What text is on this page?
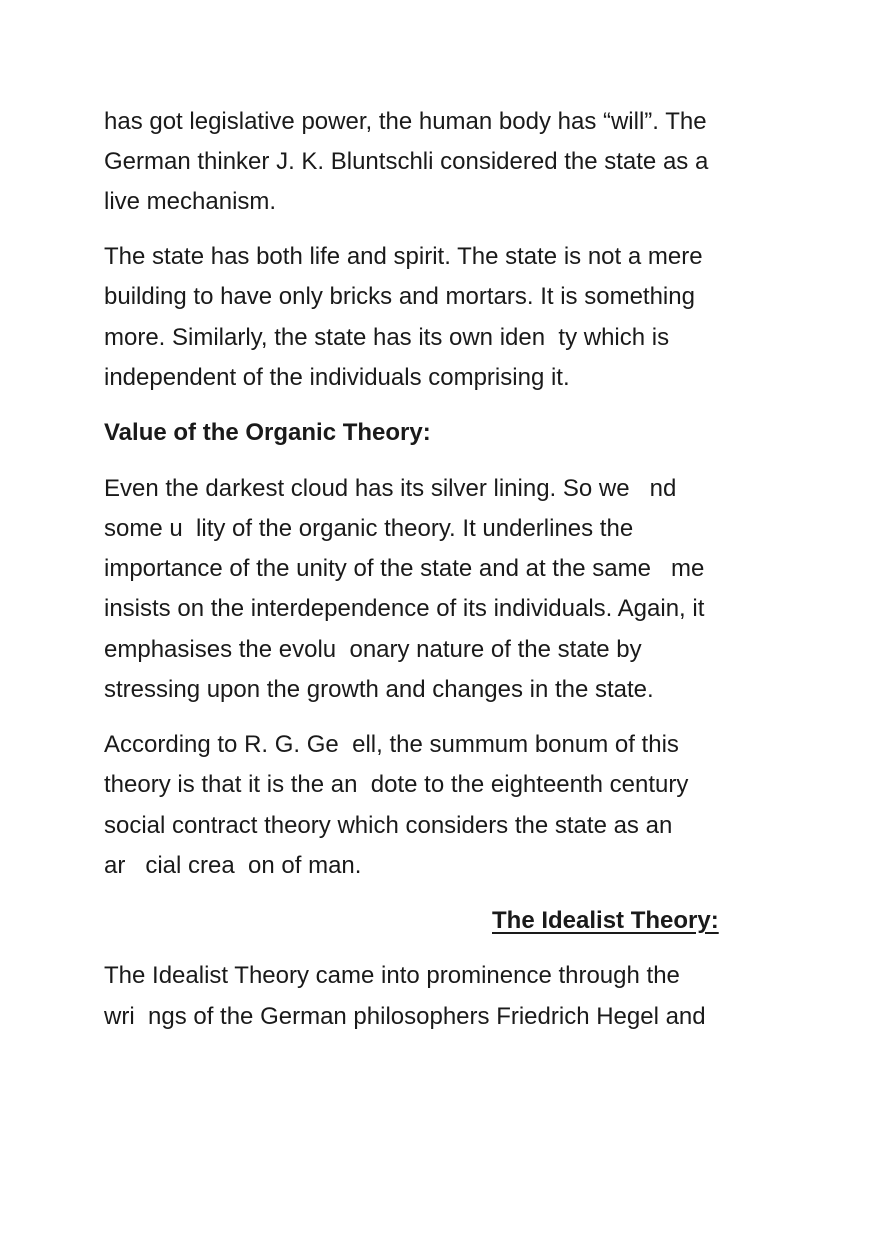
has got legislative power, the human body has “will”. The

German thinker J. K. Bluntschli considered the state as a

live mechanism.

The state has both life and spirit. The state is not a mere

building to have only bricks and mortars. It is something

more. Similarly, the state has its own iden  ty which is

independent of the individuals comprising it.

Value of the Organic Theory:

Even the darkest cloud has its silver lining. So we   nd

some u  lity of the organic theory. It underlines the

importance of the unity of the state and at the same   me

insists on the interdependence of its individuals. Again, it

emphasises the evolu  onary nature of the state by

stressing upon the growth and changes in the state.

According to R. G. Ge  ell, the summum bonum of this

theory is that it is the an  dote to the eighteenth century

social contract theory which considers the state as an

ar   cial crea  on of man.

The Idealist Theory:

The Idealist Theory came into prominence through the

wri  ngs of the German philosophers Friedrich Hegel and
